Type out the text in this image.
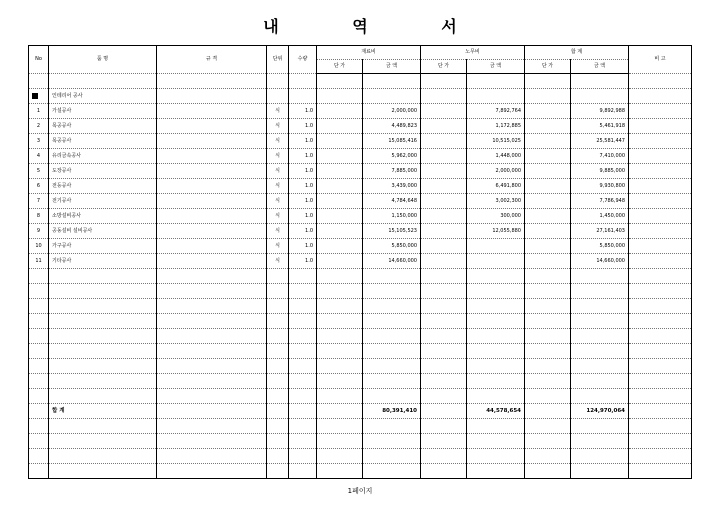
내 역 서
No	품 명	규 격	단위	수량	재료비		노무비		합 계		비 고
					단 가	금 액	단 가	금 액	단 가	금 액	

	인테리어 공사										
1	가설공사		식	1.0		2,000,000		7,892,764		9,892,988	
2	목공공사		식	1.0		4,489,823		1,172,885		5,461,918	
3	목공공사		식	1.0		15,085,416		10,515,025		25,581,447	
4	유리금속공사		식	1.0		5,962,000		1,448,000		7,410,000	
5	도장공사		식	1.0		7,885,000		2,000,000		9,885,000	
6	전등공사		식	1.0		3,439,000		6,491,800		9,930,800	
7	전기공사		식	1.0		4,784,648		3,002,300		7,786,948	
8	소방설비공사		식	1.0		1,150,000		300,000		1,450,000	
9	공동설비 설비공사		식	1.0		15,105,523		12,055,880		27,161,403	
10	가구공사		식	1.0		5,850,000				5,850,000	
11	기타공사		식	1.0		14,660,000				14,660,000	

	합 계					80,391,410		44,578,654		124,970,064	

1페이지
